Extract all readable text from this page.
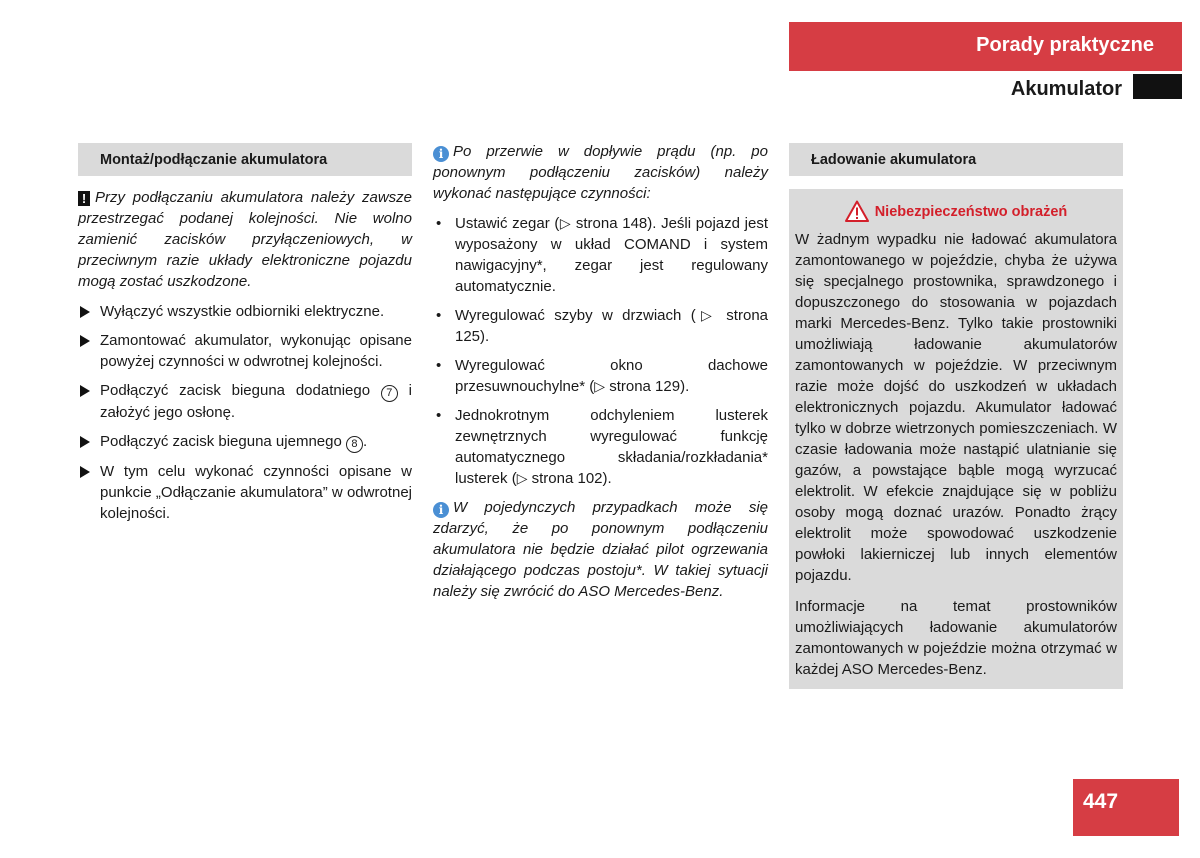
Porady praktyczne
Akumulator
Montaż/podłączanie akumulatora

! Przy podłączaniu akumulatora należy zawsze przestrzegać podanej kolejności. Nie wolno zamienić zacisków przyłączeniowych, w przeciwnym razie układy elektroniczne pojazdu mogą zostać uszkodzone.

Wyłączyć wszystkie odbiorniki elektryczne.
Zamontować akumulator, wykonując opisane powyżej czynności w odwrotnej kolejności.
Podłączyć zacisk bieguna dodatniego 7 i założyć jego osłonę.
Podłączyć zacisk bieguna ujemnego 8 .
W tym celu wykonać czynności opisane w punkcie „Odłączanie akumulatora” w odwrotnej kolejności.

i Po przerwie w dopływie prądu (np. po ponownym podłączeniu zacisków) należy wykonać następujące czynności:

• Ustawić zegar (▷ strona 148). Jeśli pojazd jest wyposażony w układ COMAND i system nawigacyjny*, zegar jest regulowany automatycznie.
• Wyregulować szyby w drzwiach (▷ strona 125).
• Wyregulować okno dachowe przesuwnouchylne* (▷ strona 129).
• Jednokrotnym odchyleniem lusterek zewnętrznych wyregulować funkcję automatycznego składania/rozkładania* lusterek (▷ strona 102).

i W pojedynczych przypadkach może się zdarzyć, że po ponownym podłączeniu akumulatora nie będzie działać pilot ogrzewania działającego podczas postoju*. W takiej sytuacji należy się zwrócić do ASO Mercedes-Benz.

Ładowanie akumulatora
Niebezpieczeństwo obrażeń

W żadnym wypadku nie ładować akumulatora zamontowanego w pojeździe, chyba że używa się specjalnego prostownika, sprawdzonego i dopuszczonego do stosowania w pojazdach marki Mercedes-Benz. Tylko takie prostowniki umożliwiają ładowanie akumulatorów zamontowanych w pojeździe. W przeciwnym razie może dojść do uszkodzeń w układach elektronicznych pojazdu. Akumulator ładować tylko w dobrze wietrzonych pomieszczeniach. W czasie ładowania może nastąpić ulatnianie się gazów, a powstające bąble mogą wyrzucać elektrolit. W efekcie znajdujące się w pobliżu osoby mogą doznać urazów. Ponadto żrący elektrolit może spowodować uszkodzenie powłoki lakierniczej lub innych elementów pojazdu.

Informacje na temat prostowników umożliwiających ładowanie akumulatorów zamontowanych w pojeździe można otrzymać w każdej ASO Mercedes-Benz.

447
